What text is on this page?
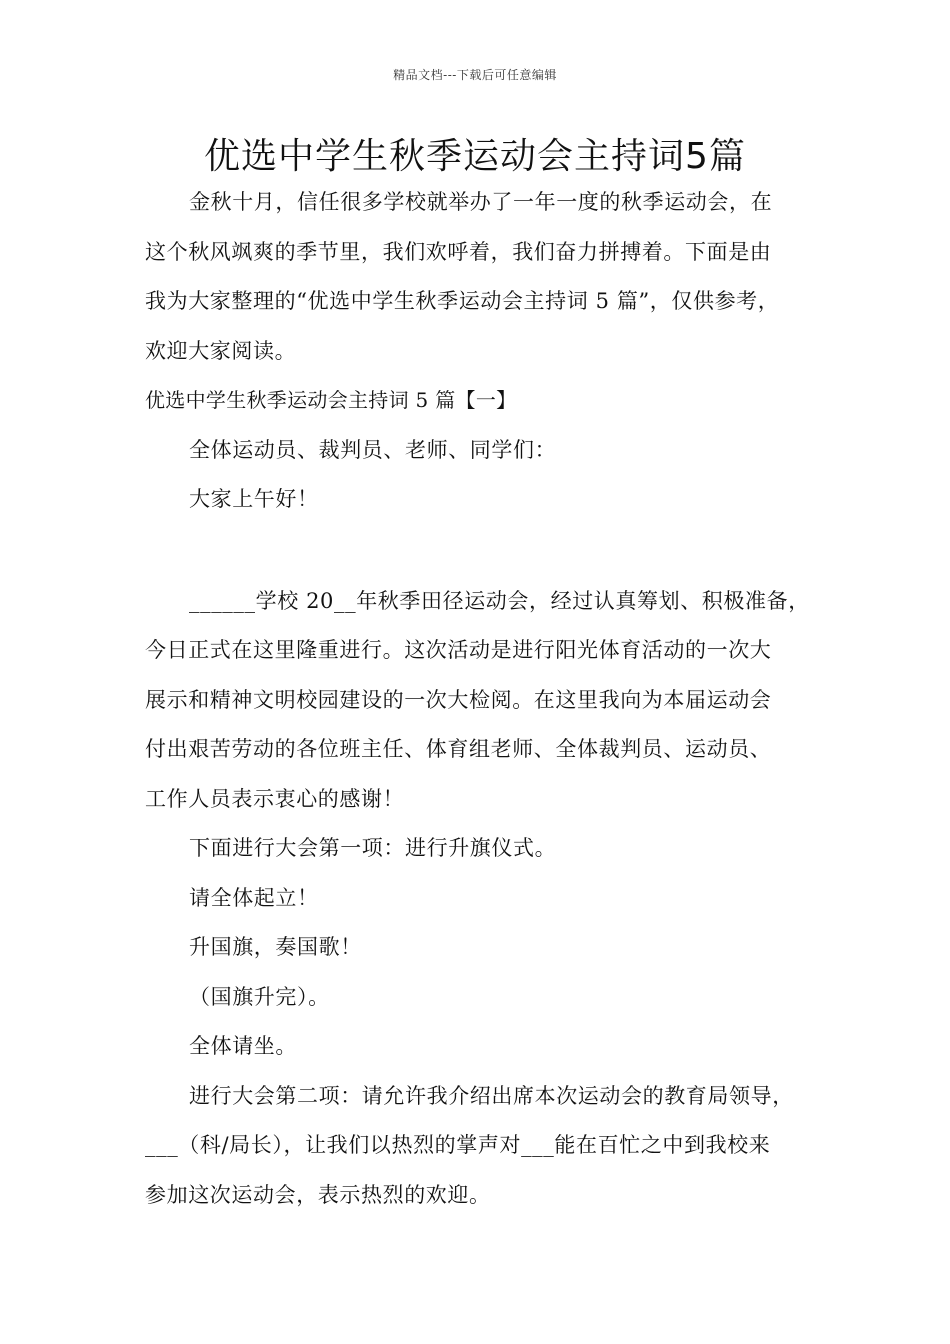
精品文档---下载后可任意编辑
优选中学生秋季运动会主持词5篇

金秋十月，信任很多学校就举办了一年一度的秋季运动会，在

这个秋风飒爽的季节里，我们欢呼着，我们奋力拼搏着。下面是由

我为大家整理的“优选中学生秋季运动会主持词 5 篇”，仅供参考，

欢迎大家阅读。

优选中学生秋季运动会主持词 5 篇【一】

全体运动员、裁判员、老师、同学们：

大家上午好！

______学校 20__年秋季田径运动会，经过认真筹划、积极准备，

今日正式在这里隆重进行。这次活动是进行阳光体育活动的一次大

展示和精神文明校园建设的一次大检阅。在这里我向为本届运动会

付出艰苦劳动的各位班主任、体育组老师、全体裁判员、运动员、

工作人员表示衷心的感谢！

下面进行大会第一项：进行升旗仪式。

请全体起立！

升国旗，奏国歌！

（国旗升完）。

全体请坐。

进行大会第二项：请允许我介绍出席本次运动会的教育局领导，

___（科/局长），让我们以热烈的掌声对___能在百忙之中到我校来

参加这次运动会，表示热烈的欢迎。
